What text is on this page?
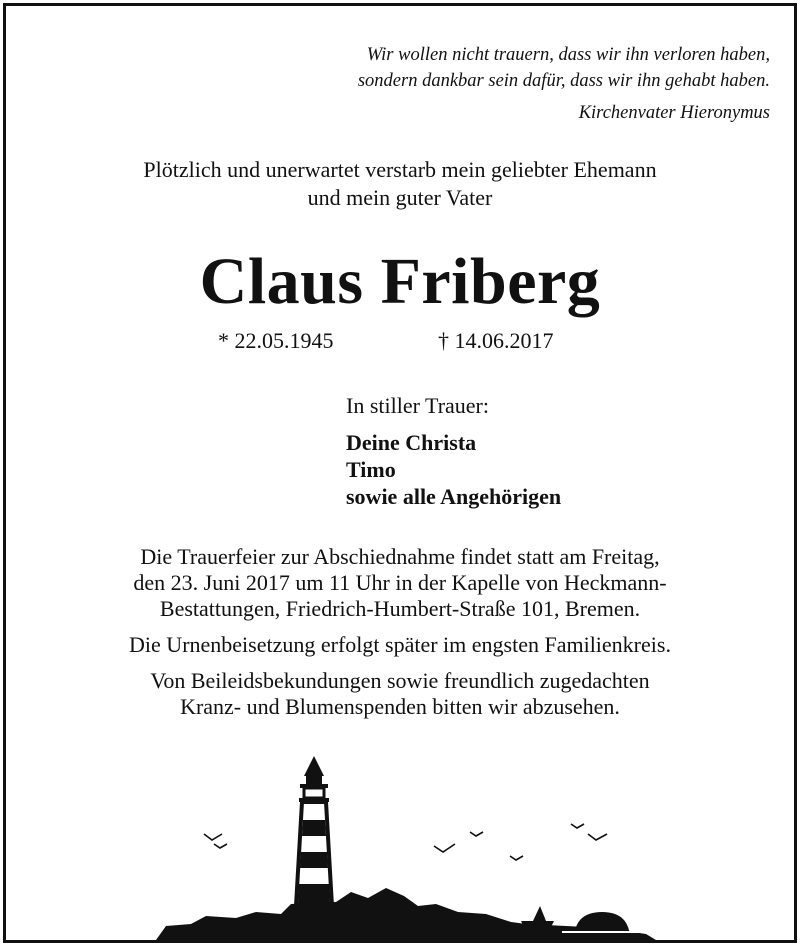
Wir wollen nicht trauern, dass wir ihn verloren haben,
sondern dankbar sein dafür, dass wir ihn gehabt haben.
Kirchenvater Hieronymus
Plötzlich und unerwartet verstarb mein geliebter Ehemann
und mein guter Vater
Claus Friberg
* 22.05.1945	† 14.06.2017
In stiller Trauer:
Deine Christa
Timo
sowie alle Angehörigen

Die Trauerfeier zur Abschiednahme findet statt am Freitag,
den 23. Juni 2017 um 11 Uhr in der Kapelle von Heckmann-
Bestattungen, Friedrich-Humbert-Straße 101, Bremen.

Die Urnenbeisetzung erfolgt später im engsten Familienkreis.

Von Beileidsbekundungen sowie freundlich zugedachten
Kranz- und Blumenspenden bitten wir abzusehen.
